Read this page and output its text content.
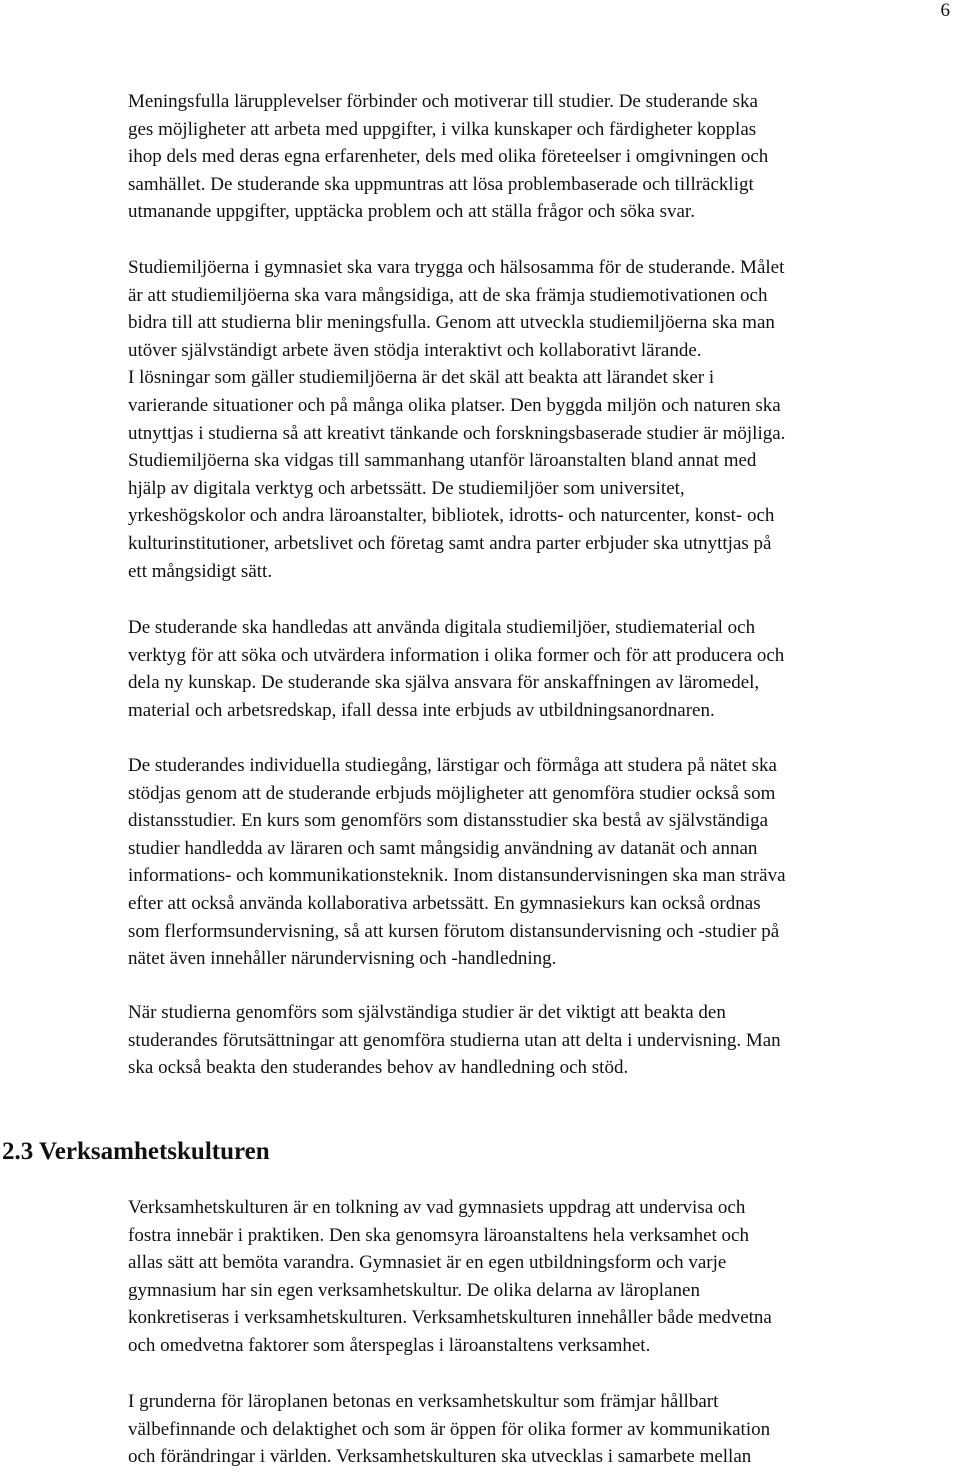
6
Meningsfulla lärupplevelser förbinder och motiverar till studier. De studerande ska
ges möjligheter att arbeta med uppgifter, i vilka kunskaper och färdigheter kopplas
ihop dels med deras egna erfarenheter, dels med olika företeelser i omgivningen och
samhället. De studerande ska uppmuntras att lösa problembaserade och tillräckligt
utmanande uppgifter, upptäcka problem och att ställa frågor och söka svar.
Studiemiljöerna i gymnasiet ska vara trygga och hälsosamma för de studerande. Målet
är att studiemiljöerna ska vara mångsidiga, att de ska främja studiemotivationen och
bidra till att studierna blir meningsfulla. Genom att utveckla studiemiljöerna ska man
utöver självständigt arbete även stödja interaktivt och kollaborativt lärande.
I lösningar som gäller studiemiljöerna är det skäl att beakta att lärandet sker i
varierande situationer och på många olika platser. Den byggda miljön och naturen ska
utnyttjas i studierna så att kreativt tänkande och forskningsbaserade studier är möjliga.
Studiemiljöerna ska vidgas till sammanhang utanför läroanstalten bland annat med
hjälp av digitala verktyg och arbetssätt. De studiemiljöer som universitet,
yrkeshögskolor och andra läroanstalter, bibliotek, idrotts- och naturcenter, konst- och
kulturinstitutioner, arbetslivet och företag samt andra parter erbjuder ska utnyttjas på
ett mångsidigt sätt.
De studerande ska handledas att använda digitala studiemiljöer, studiematerial och
verktyg för att söka och utvärdera information i olika former och för att producera och
dela ny kunskap. De studerande ska själva ansvara för anskaffningen av läromedel,
material och arbetsredskap, ifall dessa inte erbjuds av utbildningsanordnaren.
De studerandes individuella studiegång, lärstigar och förmåga att studera på nätet ska
stödjas genom att de studerande erbjuds möjligheter att genomföra studier också som
distansstudier. En kurs som genomförs som distansstudier ska bestå av självständiga
studier handledda av läraren och samt mångsidig användning av datanät och annan
informations- och kommunikationsteknik. Inom distansundervisningen ska man sträva
efter att också använda kollaborativa arbetssätt. En gymnasiekurs kan också ordnas
som flerformsundervisning, så att kursen förutom distansundervisning och -studier på
nätet även innehåller närundervisning och -handledning.
När studierna genomförs som självständiga studier är det viktigt att beakta den
studerandes förutsättningar att genomföra studierna utan att delta i undervisning. Man
ska också beakta den studerandes behov av handledning och stöd.
2.3 Verksamhetskulturen
Verksamhetskulturen är en tolkning av vad gymnasiets uppdrag att undervisa och
fostra innebär i praktiken. Den ska genomsyra läroanstaltens hela verksamhet och
allas sätt att bemöta varandra. Gymnasiet är en egen utbildningsform och varje
gymnasium har sin egen verksamhetskultur. De olika delarna av läroplanen
konkretiseras i verksamhetskulturen. Verksamhetskulturen innehåller både medvetna
och omedvetna faktorer som återspeglas i läroanstaltens verksamhet.
I grunderna för läroplanen betonas en verksamhetskultur som främjar hållbart
välbefinnande och delaktighet och som är öppen för olika former av kommunikation
och förändringar i världen. Verksamhetskulturen ska utvecklas i samarbete mellan
